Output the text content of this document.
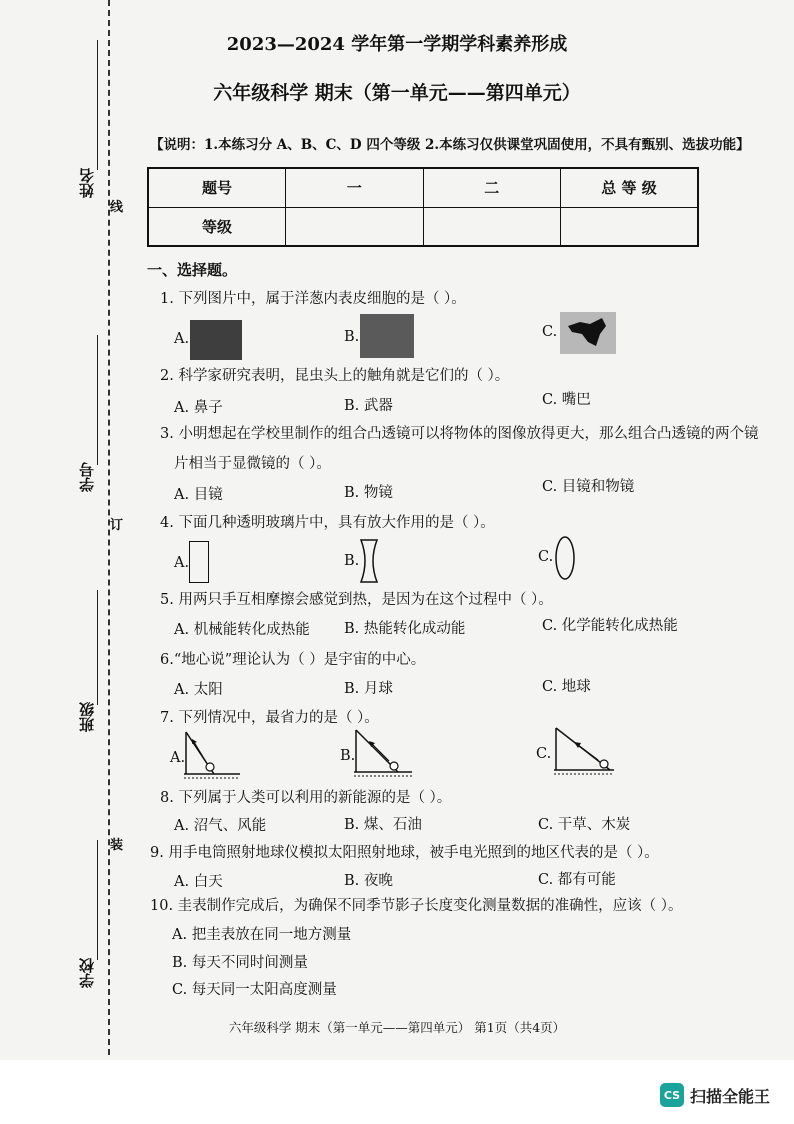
线
订
装
姓名
学号
班级
学校
2023—2024 学年第一学期学科素养形成
六年级科学 期末（第一单元——第四单元）
【说明：1.本练习分 A、B、C、D 四个等级 2.本练习仅供课堂巩固使用，不具有甄别、选拔功能】
题号	一	二	总 等 级
等级			
一、选择题。
1. 下列图片中，属于洋葱内表皮细胞的是（ ）。
A.	B.	C.
2. 科学家研究表明，昆虫头上的触角就是它们的（ ）。
A. 鼻子	B. 武器	C. 嘴巴
3. 小明想起在学校里制作的组合凸透镜可以将物体的图像放得更大，那么组合凸透镜的两个镜
片相当于显微镜的（ ）。
A. 目镜	B. 物镜	C. 目镜和物镜
4. 下面几种透明玻璃片中，具有放大作用的是（ ）。
A.	B.	C.
5. 用两只手互相摩擦会感觉到热，是因为在这个过程中（ ）。
A. 机械能转化成热能 B. 热能转化成动能	C. 化学能转化成热能
6.“地心说”理论认为（ ）是宇宙的中心。
A. 太阳	B. 月球	C. 地球
7. 下列情况中，最省力的是（ ）。
A.	B.	C.
8. 下列属于人类可以利用的新能源的是（ ）。
A. 沼气、风能	B. 煤、石油	C. 干草、木炭
9. 用手电筒照射地球仪模拟太阳照射地球，被手电光照到的地区代表的是（ ）。
A. 白天	B. 夜晚	C. 都有可能
10. 圭表制作完成后，为确保不同季节影子长度变化测量数据的准确性，应该（ ）。
A. 把圭表放在同一地方测量
B. 每天不同时间测量
C. 每天同一太阳高度测量
六年级科学 期末（第一单元——第四单元） 第1页（共4页）
CS 扫描全能王
